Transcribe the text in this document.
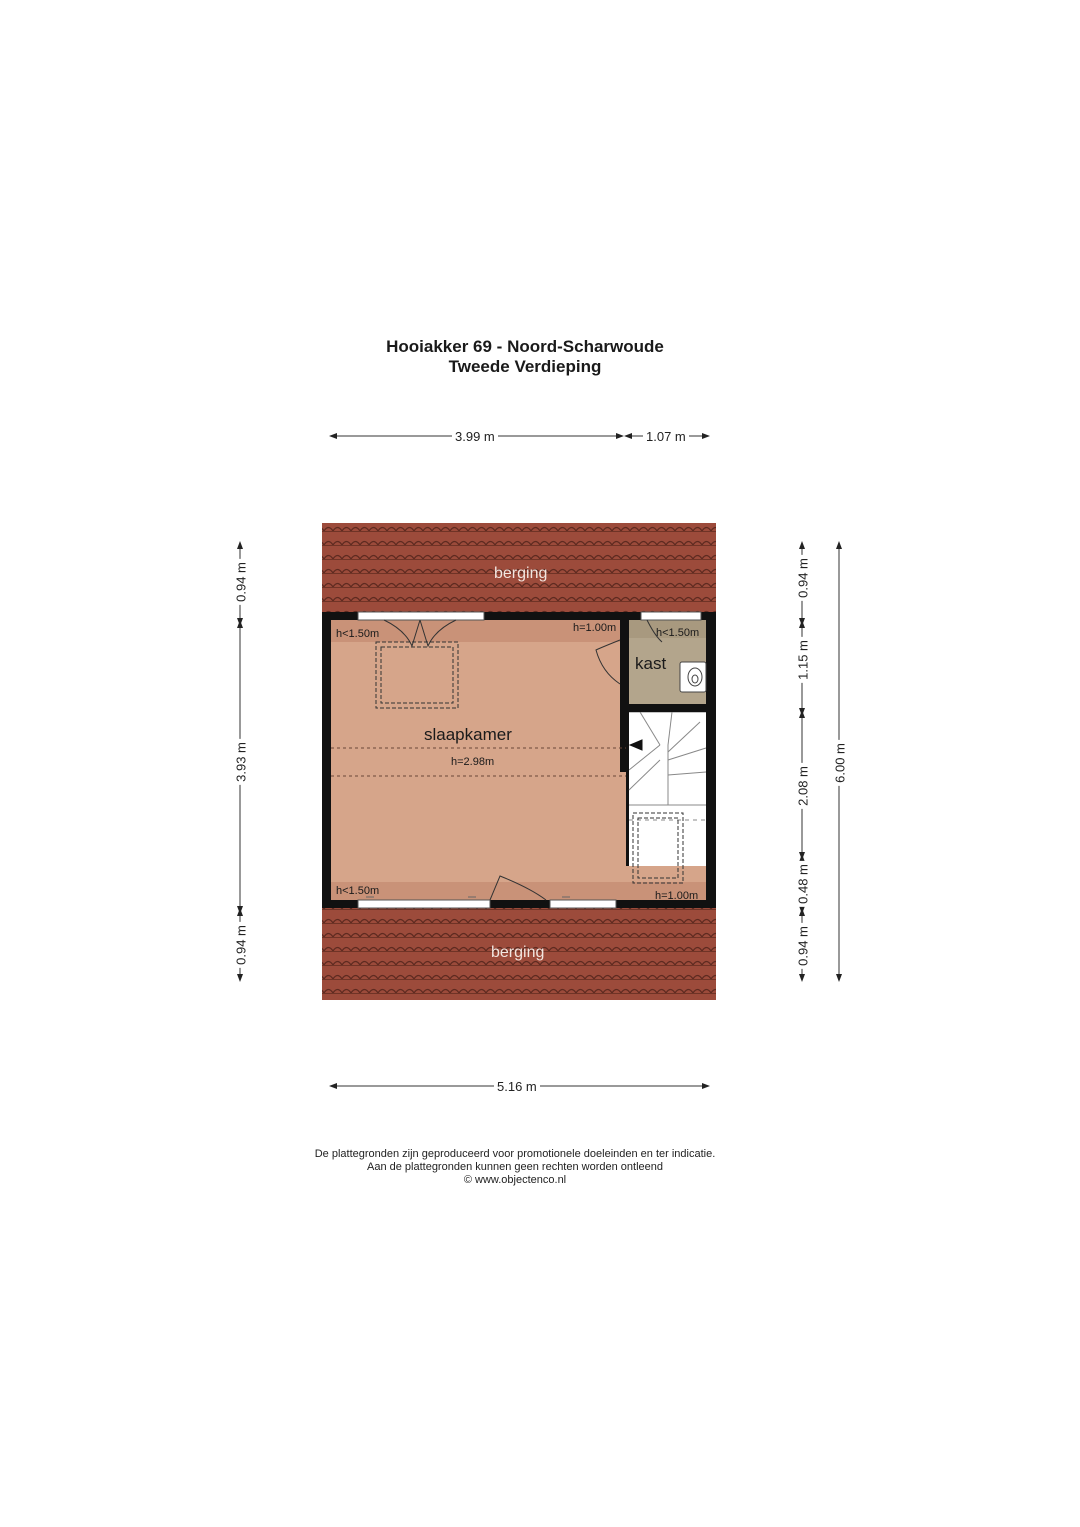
Hooiakker 69 - Noord-Scharwoude
Tweede Verdieping
3.99 m	1.07 m
5.16 m
0.94 m
3.93 m
0.94 m
0.94 m
1.15 m
2.08 m
0.48 m
0.94 m
6.00 m
berging
berging
slaapkamer
kast
h<1.50m	h=1.00m	h<1.50m
h=2.98m
h<1.50m	h=1.00m
De plattegronden zijn geproduceerd voor promotionele doeleinden en ter indicatie.
Aan de plattegronden kunnen geen rechten worden ontleend
© www.objectenco.nl
